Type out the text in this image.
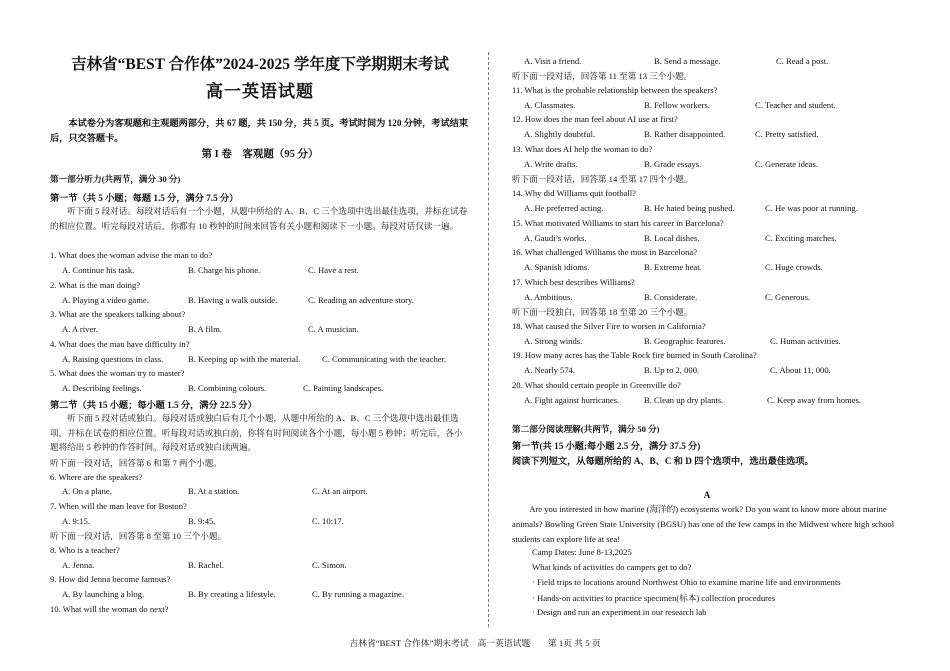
吉林省“BEST 合作体”2024-2025 学年度下学期期末考试
高一英语试题
本试卷分为客观题和主观题两部分，共 67 题，共 150 分，共 5 页。考试时间为 120 分钟，考试结束后，只交答题卡。
第 I 卷　客观题（95 分）
第一部分听力(共两节，满分 30 分)
第一节（共 5 小题；每题 1.5 分，满分 7.5 分）
听下面 5 段对话。每段对话后有一个小题，从题中所给的 A、B、C 三个选项中选出最佳选项，并标在试卷的相应位置。听完每段对话后，你都有 10 秒钟的时间来回答有关小题和阅读下一小题。每段对话仅读一遍。
1. What does the woman advise the man to do?
A. Continue his task.	B. Charge his phone.	C. Have a rest.
2. What is the man doing?
A. Playing a video game.	B. Having a walk outside.	C. Reading an adventure story.
3. What are the speakers talking about?
A. A river.	B. A film.	C. A musician.
4. What does the man have difficulty in?
A. Raising questions in class.	B. Keeping up with the material.	C. Communicating with the teacher.
5. What does the woman try to master?
A. Describing feelings.	B. Combining colours.	C. Painting landscapes.
第二节（共 15 小题；每小题 1.5 分，满分 22.5 分）
听下面 5 段对话或独白。每段对话或独白后有几个小题，从题中所给的 A、B、C 三个选项中选出最佳选项，并标在试卷的相应位置。听每段对话或独白前，你将有时间阅读各个小题，每小题 5 秒钟；听完后，各小题将给出 5 秒钟的作答时间。每段对话或独白读两遍。
听下面一段对话，回答第 6 和第 7 两个小题。
6. Where are the speakers?
A. On a plane.	B. At a station.	C. At an airport.
7. When will the man leave for Boston?
A. 9:15.	B. 9:45.	C. 10:17.
听下面一段对话，回答第 8 至第 10 三个小题。
8. Who is a teacher?
A. Jenna.	B. Rachel.	C. Simon.
9. How did Jenna become famous?
A. By launching a blog.	B. By creating a lifestyle.	C. By running a magazine.
10. What will the woman do next?
A. Visit a friend.	B. Send a message.	C. Read a post.
听下面一段对话，回答第 11 至第 13 三个小题。
11. What is the probable relationship between the speakers?
A. Classmates.	B. Fellow workers.	C. Teacher and student.
12. How does the man feel about AI use at first?
A. Slightly doubtful.	B. Rather disappointed.	C. Pretty satisfied.
13. What does AI help the woman to do?
A. Write drafts.	B. Grade essays.	C. Generate ideas.
听下面一段对话，回答第 14 至第 17 四个小题。
14. Why did Williams quit football?
A. He preferred acting.	B. He hated being pushed.	C. He was poor at running.
15. What motivated Williams to start his career in Barcelona?
A. Gaudi’s works.	B. Local dishes.	C. Exciting matches.
16. What challenged Williams the most in Barcelona?
A. Spanish idioms.	B. Extreme heat.	C. Huge crowds.
17. Which best describes Williams?
A. Ambitious.	B. Considerate.	C. Generous.
听下面一段独白，回答第 18 至第 20 三个小题。
18. What caused the Silver Fire to worsen in California?
A. Strong winds.	B. Geographic features.	C. Human activities.
19. How many acres has the Table Rock fire burned in South Carolina?
A. Nearly 574.	B. Up to 2, 000.	C. About 11, 000.
20. What should certain people in Greenville do?
A. Fight against hurricanes.	B. Clean up dry plants.	C. Keep away from homes.
第二部分阅读理解(共两节，满分 50 分)
第一节(共 15 小题;每小题 2.5 分，满分 37.5 分)
阅读下列短文，从每题所给的 A、B、C 和 D 四个选项中，选出最佳选项。
A
Are you interested in how marine (海洋的) ecosystems work? Do you want to know more about marine animals? Bowling Green State University (BGSU) has one of the few camps in the Midwest where high school students can explore life at sea!
Camp Dates: June 8-13,2025
What kinds of activities do campers get to do?
· Field trips to locations around Northwest Ohio to examine marine life and environments
· Hands-on activities to practice specimen(标本) collection procedures
· Design and run an experiment in our research lab
吉林省“BEST 合作体”期末考试　高一英语试题　　第 1页 共 5 页
